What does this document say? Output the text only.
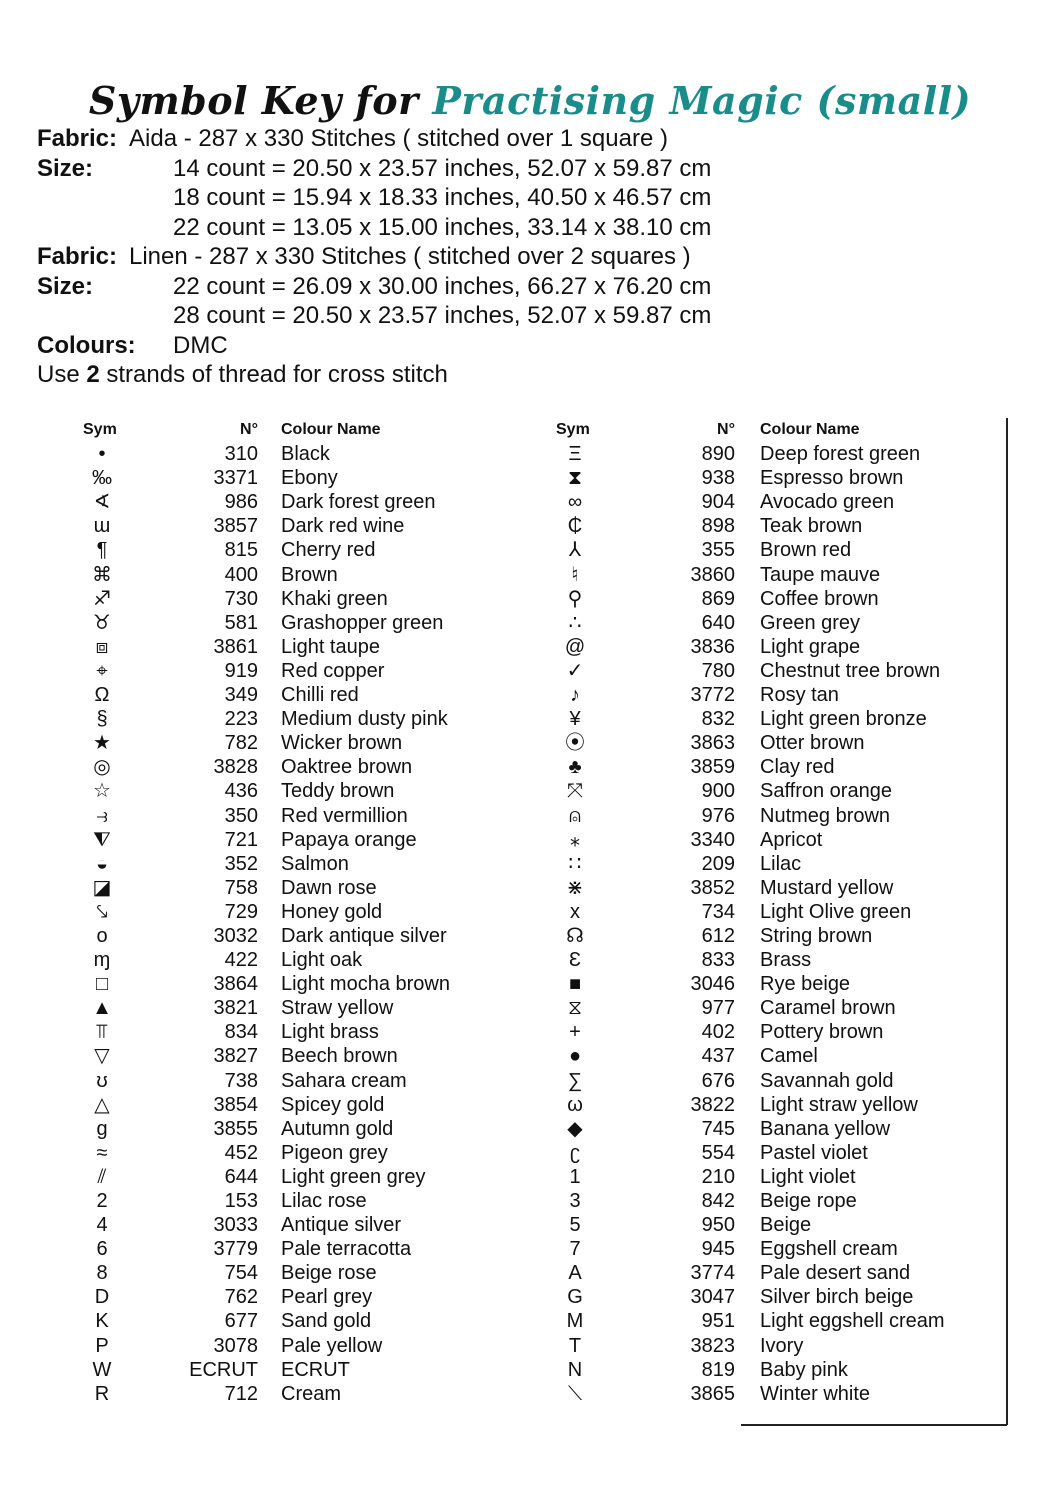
Symbol Key for Practising Magic (small)
Fabric: Aida - 287 x 330 Stitches ( stitched over 1 square )
Size:	14 count = 20.50 x 23.57 inches, 52.07 x 59.87 cm
18 count = 15.94 x 18.33 inches, 40.50 x 46.57 cm
22 count = 13.05 x 15.00 inches, 33.14 x 38.10 cm
Fabric: Linen - 287 x 330 Stitches ( stitched over 2 squares )
Size:	22 count = 26.09 x 30.00 inches, 66.27 x 76.20 cm
28 count = 20.50 x 23.57 inches, 52.07 x 59.87 cm
Colours: DMC
Use 2 strands of thread for cross stitch
Sym	N° Colour Name
•	310 Black
‰	3371 Ebony
∢	986 Dark forest green
ɯ	3857 Dark red wine
¶	815 Cherry red
⌘	400 Brown
♐	730 Khaki green
♉	581 Grashopper green
⧈	3861 Light taupe
⌖	919 Red copper
Ω	349 Chilli red
§	223 Medium dusty pink
★	782 Wicker brown
◎	3828 Oaktree brown
☆	436 Teddy brown
⥽	350 Red vermillion
⧨	721 Papaya orange
◒	352 Salmon
◪	758 Dawn rose
⤥	729 Honey gold
o	3032 Dark antique silver
ɱ	422 Light oak
□	3864 Light mocha brown
▲	3821 Straw yellow
⫪	834 Light brass
▽	3827 Beech brown
ʊ	738 Sahara cream
△	3854 Spicey gold
g	3855 Autumn gold
≈	452 Pigeon grey
⫽	644 Light green grey
2	153 Lilac rose
4	3033 Antique silver
6	3779 Pale terracotta
8	754 Beige rose
D	762 Pearl grey
K	677 Sand gold
P	3078 Pale yellow
W	ECRUT ECRUT
R	712 Cream
Sym	N° Colour Name
Ξ	890 Deep forest green
⧗	938 Espresso brown
∞	904 Avocado green
₵	898 Teak brown
⅄	355 Brown red
♮	3860 Taupe mauve
⚲	869 Coffee brown
∴	640 Green grey
@	3836 Light grape
✓	780 Chestnut tree brown
♪	3772 Rosy tan
¥	832 Light green bronze
⦿	3863 Otter brown
♣	3859 Clay red
⤧	900 Saffron orange
⍝	976 Nutmeg brown
⁎	3340 Apricot
∷	209 Lilac
⋇	3852 Mustard yellow
x	734 Light Olive green
☊	612 String brown
Ɛ	833 Brass
■	3046 Rye beige
⧖	977 Caramel brown
+	402 Pottery brown
●	437 Camel
∑	676 Savannah gold
ω	3822 Light straw yellow
◆	745 Banana yellow
ʗ	554 Pastel violet
1	210 Light violet
3	842 Beige rope
5	950 Beige
7	945 Eggshell cream
A	3774 Pale desert sand
G	3047 Silver birch beige
M	951 Light eggshell cream
T	3823 Ivory
N	819 Baby pink
⟍	3865 Winter white
